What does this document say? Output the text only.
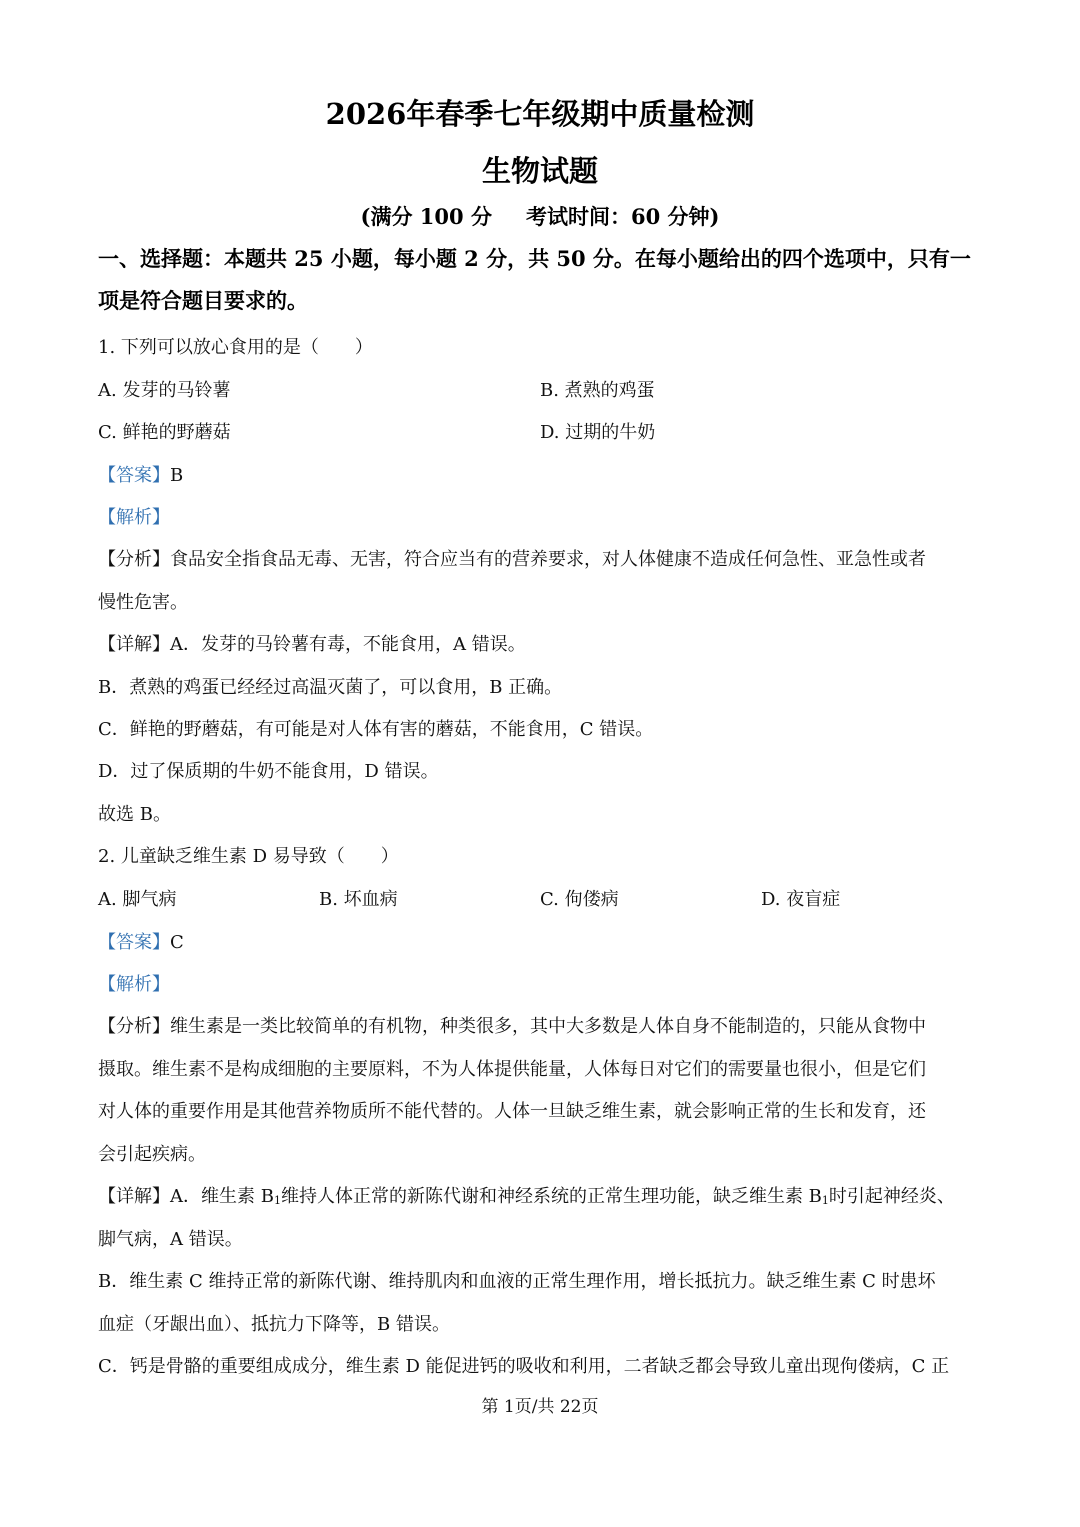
2026年春季七年级期中质量检测
生物试题
(满分 100 分 考试时间：60 分钟)
一、选择题：本题共 25 小题，每小题 2 分，共 50 分。在每小题给出的四个选项中，只有一项是符合题目要求的。
1. 下列可以放心食用的是（　　）
A. 发芽的马铃薯	B. 煮熟的鸡蛋
C. 鲜艳的野蘑菇	D. 过期的牛奶
【答案】B
【解析】
【分析】食品安全指食品无毒、无害，符合应当有的营养要求，对人体健康不造成任何急性、亚急性或者
慢性危害。
【详解】A．发芽的马铃薯有毒，不能食用，A 错误。
B．煮熟的鸡蛋已经经过高温灭菌了，可以食用，B 正确。
C．鲜艳的野蘑菇，有可能是对人体有害的蘑菇，不能食用，C 错误。
D．过了保质期的牛奶不能食用，D 错误。
故选 B。
2. 儿童缺乏维生素 D 易导致（　　）
A. 脚气病	B. 坏血病	C. 佝偻病	D. 夜盲症
【答案】C
【解析】
【分析】维生素是一类比较简单的有机物，种类很多，其中大多数是人体自身不能制造的，只能从食物中
摄取。维生素不是构成细胞的主要原料，不为人体提供能量，人体每日对它们的需要量也很小，但是它们
对人体的重要作用是其他营养物质所不能代替的。人体一旦缺乏维生素，就会影响正常的生长和发育，还
会引起疾病。
【详解】A．维生素 $B_1$维持人体正常的新陈代谢和神经系统的正常生理功能，缺乏维生素 $B_1$时引起神经炎、
脚气病，A 错误。
B．维生素 C 维持正常的新陈代谢、维持肌肉和血液的正常生理作用，增长抵抗力。缺乏维生素 C 时患坏
血症（牙龈出血）、抵抗力下降等，B 错误。
C．钙是骨骼的重要组成成分，维生素 D 能促进钙的吸收和利用，二者缺乏都会导致儿童出现佝偻病，C 正
第 1页/共 22页
